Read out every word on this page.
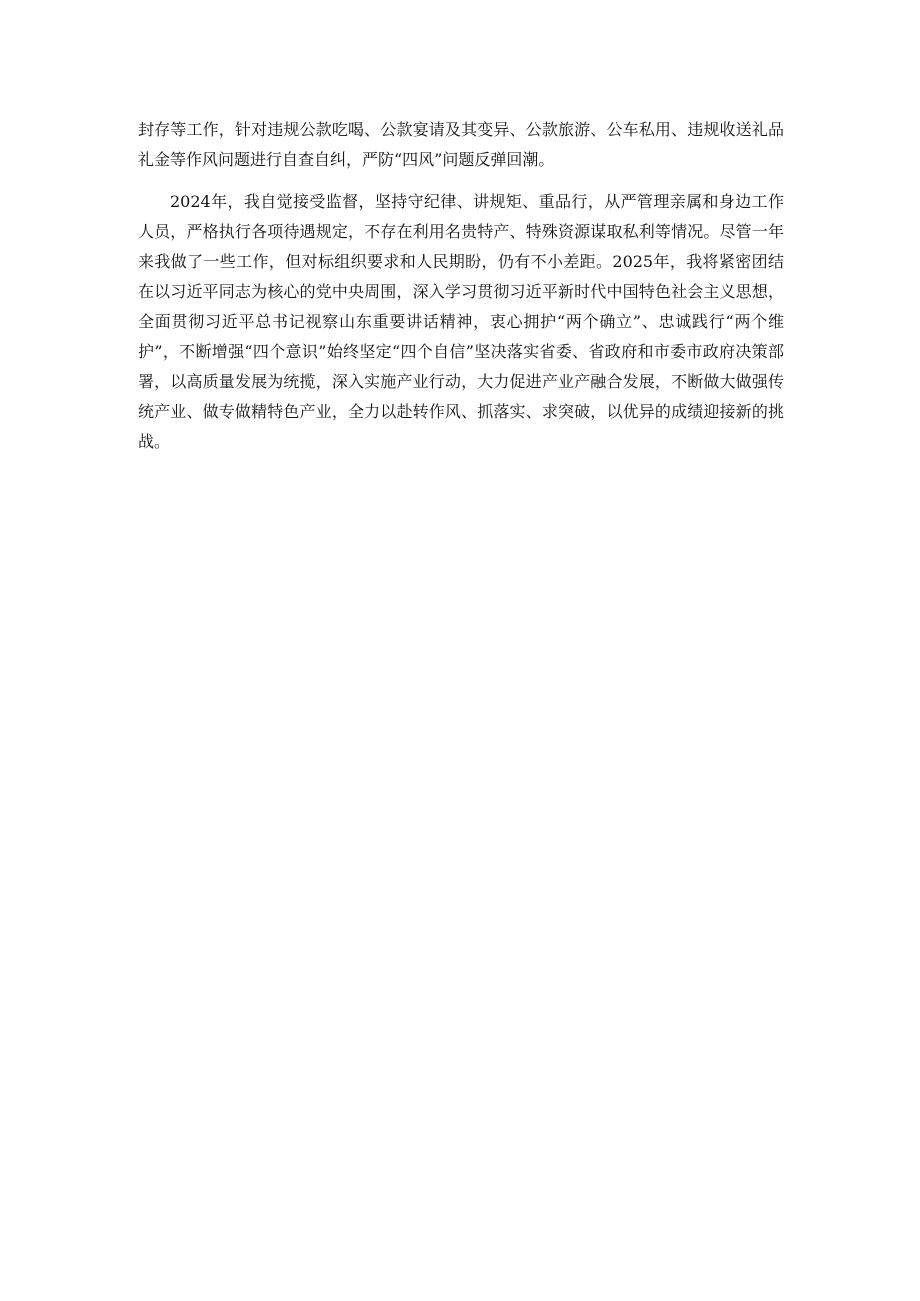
封存等工作，针对违规公款吃喝、公款宴请及其变异、公款旅游、公车私用、违规收送礼品礼金等作风问题进行自查自纠，严防“四风”问题反弹回潮。

2024年，我自觉接受监督，坚持守纪律、讲规矩、重品行，从严管理亲属和身边工作人员，严格执行各项待遇规定，不存在利用名贵特产、特殊资源谋取私利等情况。尽管一年来我做了一些工作，但对标组织要求和人民期盼，仍有不小差距。2025年，我将紧密团结在以习近平同志为核心的党中央周围，深入学习贯彻习近平新时代中国特色社会主义思想，全面贯彻习近平总书记视察山东重要讲话精神，衷心拥护“两个确立”、忠诚践行“两个维护”，不断增强“四个意识”始终坚定“四个自信”坚决落实省委、省政府和市委市政府决策部署，以高质量发展为统揽，深入实施产业行动，大力促进产业产融合发展，不断做大做强传统产业、做专做精特色产业，全力以赴转作风、抓落实、求突破，以优异的成绩迎接新的挑战。
